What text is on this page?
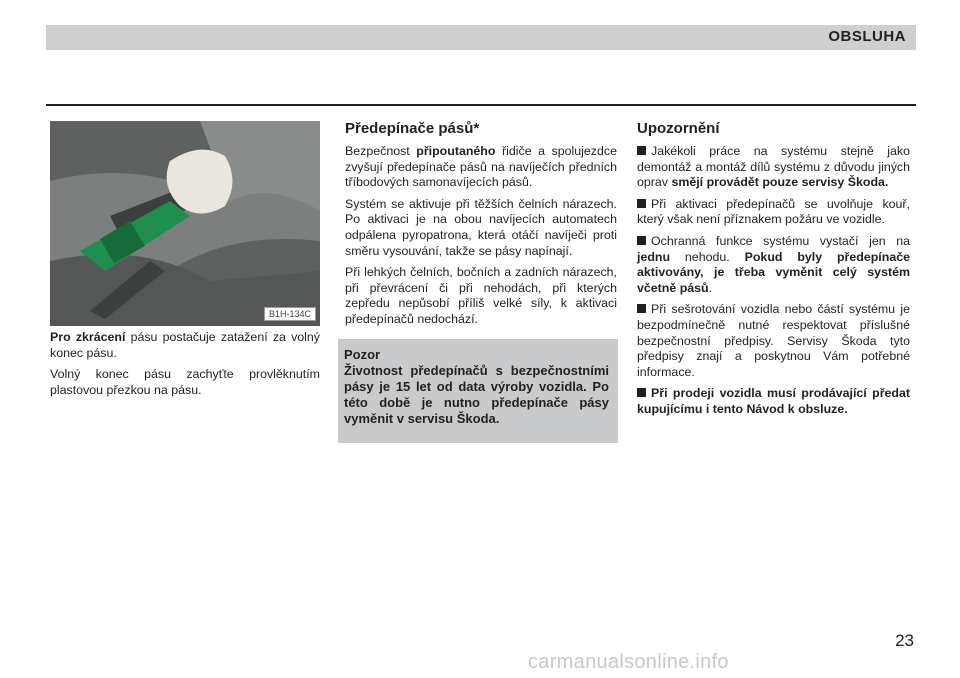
OBSLUHA
B1H-134C

Pro zkrácení pásu postačuje zatažení za volný konec pásu.

Volný konec pásu zachyťte provlěknutím plastovou přezkou na pásu.

Předepínače pásů*

Bezpečnost připoutaného řidiče a spolujezdce zvyšují předepínače pásů na navíječích předních tříbodových samonavíjecích pásů.

Systém se aktivuje při těžších čelních nárazech. Po aktivaci je na obou navíjecích automatech odpálena pyropatrona, která otáčí navíječi proti směru vysouvání, takže se pásy napínají.

Při lehkých čelních, bočních a zadních nárazech, při převrácení či při nehodách, při kterých zepředu nepůsobí příliš velké síly, k aktivaci předepínačů nedochází.

Pozor
Životnost předepínačů s bezpečnostními pásy je 15 let od data výroby vozidla. Po této době je nutno předepínače pásy vyměnit v servisu Škoda.
Upozornění

Jakékoli práce na systému stejně jako demontáž a montáž dílů systému z důvodu jiných oprav smějí provádět pouze servisy Škoda.

Při aktivaci předepínačů se uvolňuje kouř, který však není příznakem požáru ve vozidle.

Ochranná funkce systému vystačí jen na jednu nehodu. Pokud byly předepínače aktivovány, je třeba vyměnit celý systém včetně pásů.

Při sešrotování vozidla nebo částí systému je bezpodmínečně nutné respektovat příslušné bezpečnostní předpisy. Servisy Škoda tyto předpisy znají a poskytnou Vám potřebné informace.

Při prodeji vozidla musí prodávající předat kupujícímu i tento Návod k obsluze.

23
carmanualsonline.info
